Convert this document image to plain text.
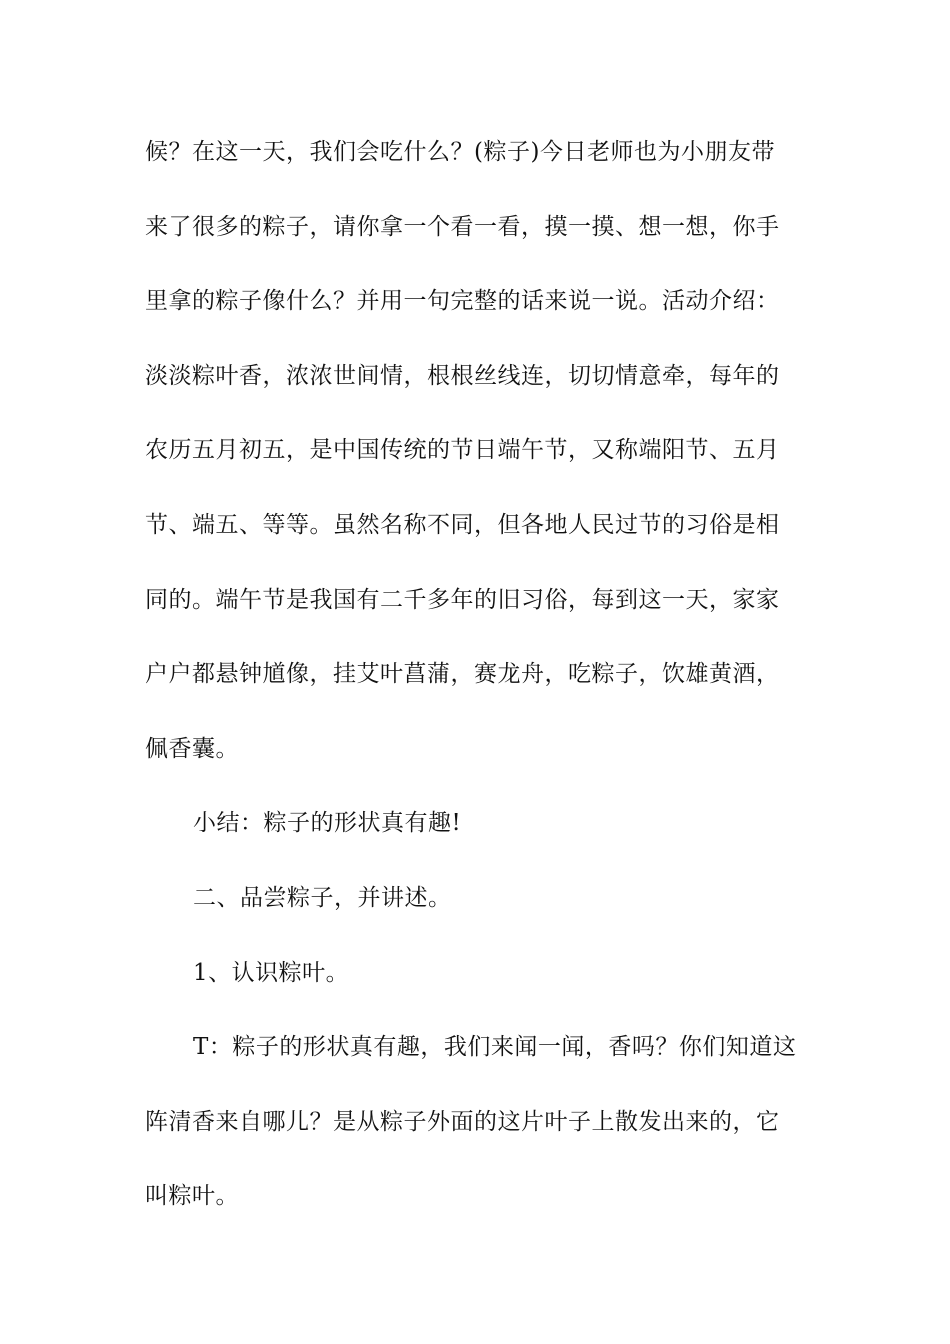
候？在这一天，我们会吃什么？(粽子)今日老师也为小朋友带
来了很多的粽子，请你拿一个看一看，摸一摸、想一想，你手
里拿的粽子像什么？并用一句完整的话来说一说。活动介绍：
淡淡粽叶香，浓浓世间情，根根丝线连，切切情意牵，每年的
农历五月初五，是中国传统的节日端午节，又称端阳节、五月
节、端五、等等。虽然名称不同，但各地人民过节的习俗是相
同的。端午节是我国有二千多年的旧习俗，每到这一天，家家
户户都悬钟馗像，挂艾叶菖蒲，赛龙舟，吃粽子，饮雄黄酒，
佩香囊。
小结：粽子的形状真有趣!
二、品尝粽子，并讲述。
1、认识粽叶。
T：粽子的形状真有趣，我们来闻一闻，香吗？你们知道这
阵清香来自哪儿？是从粽子外面的这片叶子上散发出来的，它
叫粽叶。
